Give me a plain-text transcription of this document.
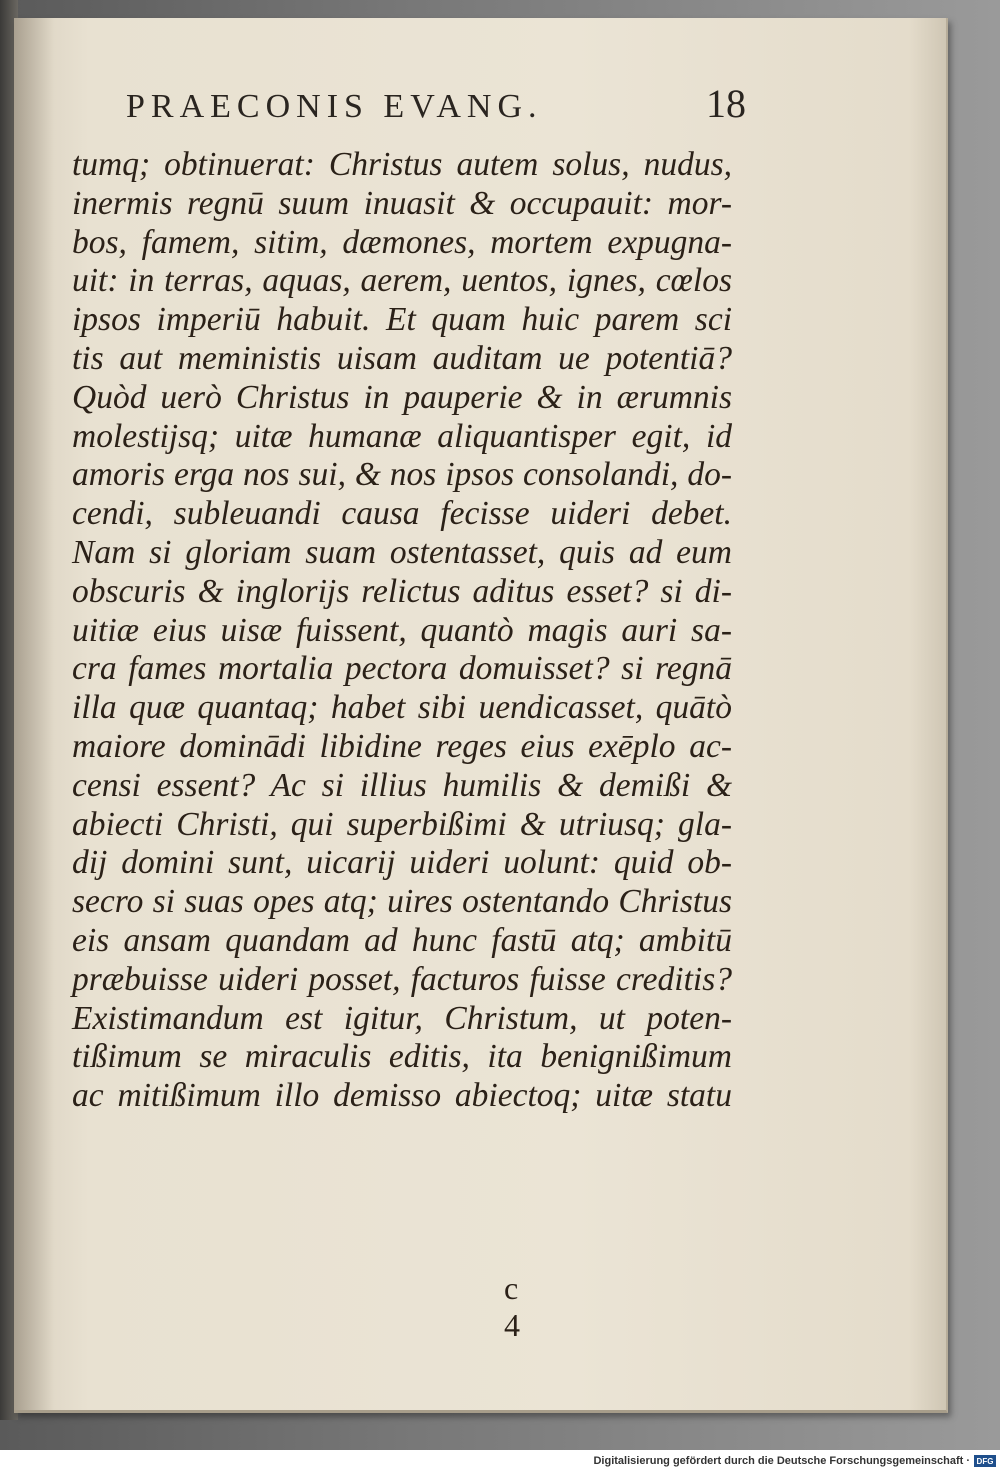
PRAECONIS EVANG.	18
tumq; obtinuerat: Christus autem solus, nudus,
inermis regnū suum inuasit & occupauit: mor-
bos, famem, sitim, dæmones, mortem expugna-
uit: in terras, aquas, aerem, uentos, ignes, cœlos
ipsos imperiū habuit. Et quam huic parem sci
tis aut meministis uisam auditam ue potentiā?
Quòd uerò Christus in pauperie & in ærumnis
molestijsq; uitæ humanæ aliquantisper egit, id
amoris erga nos sui, & nos ipsos consolandi, do-
cendi, subleuandi causa fecisse uideri debet.
Nam si gloriam suam ostentasset, quis ad eum
obscuris & inglorijs relictus aditus esset? si di-
uitiæ eius uisæ fuissent, quantò magis auri sa-
cra fames mortalia pectora domuisset? si regnā
illa quæ quantaq; habet sibi uendicasset, quātò
maiore dominādi libidine reges eius exēplo ac-
censi essent? Ac si illius humilis & demißi &
abiecti Christi, qui superbißimi & utriusq; gla-
dij domini sunt, uicarij uideri uolunt: quid ob-
secro si suas opes atq; uires ostentando Christus
eis ansam quandam ad hunc fastū atq; ambitū
præbuisse uideri posset, facturos fuisse creditis?
Existimandum est igitur, Christum, ut poten-
tißimum se miraculis editis, ita benignißimum
ac mitißimum illo demisso abiectoq; uitæ statu
c 4
Digitalisierung gefördert durch die Deutsche Forschungsgemeinschaft · DFG
